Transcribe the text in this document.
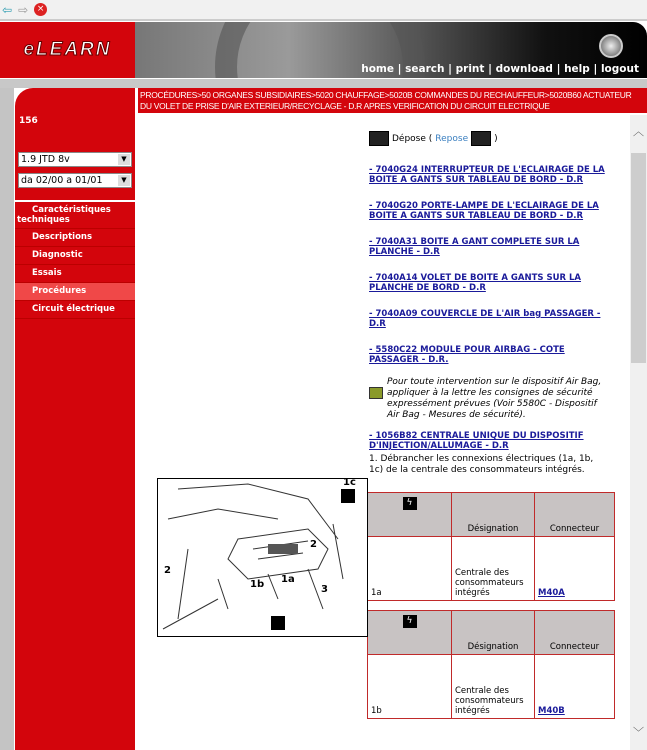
⇦ ⇨ ×
eLEARN
home | search | print | download | help | logout
PROCÉDURES>50 ORGANES SUBSIDIAIRES>5020 CHAUFFAGE>5020B COMMANDES DU RECHAUFFEUR>5020B60 ACTUATEUR DU VOLET DE PRISE D'AIR EXTERIEUR/RECYCLAGE - D.R APRES VERIFICATION DU CIRCUIT ELECTRIQUE
156
1.9 JTD 8v	▼
da 02/00 a 01/01	▼
Caractéristiques techniques
Descriptions
Diagnostic
Essais
Procédures
Circuit électrique
Dépose ( Repose	)
- 7040G24 INTERRUPTEUR DE L'ECLAIRAGE DE LA BOITE A GANTS SUR TABLEAU DE BORD - D.R
- 7040G20 PORTE-LAMPE DE L'ECLAIRAGE DE LA BOITE A GANTS SUR TABLEAU DE BORD - D.R
- 7040A31 BOITE A GANT COMPLETE SUR LA PLANCHE - D.R
- 7040A14 VOLET DE BOITE A GANTS SUR LA PLANCHE DE BORD - D.R
- 7040A09 COUVERCLE DE L'AIR bag PASSAGER - D.R
- 5580C22 MODULE POUR AIRBAG - COTE PASSAGER - D.R.

Pour toute intervention sur le dispositif Air Bag, appliquer à la lettre les consignes de sécurité expressément prévues (Voir 5580C - Dispositif Air Bag - Mesures de sécurité).

- 1056B82 CENTRALE UNIQUE DU DISPOSITIF D'INJECTION/ALLUMAGE - D.R
1. Débrancher les connexions électriques (1a, 1b, 1c) de la centrale des consommateurs intégrés.
ϟ	Désignation	Connecteur
1a	Centrale des consommateurs intégrés	M40A
ϟ	Désignation	Connecteur
1b	Centrale des consommateurs intégrés	M40B
1c
2
2
1b 1a
3
︿
﹀
